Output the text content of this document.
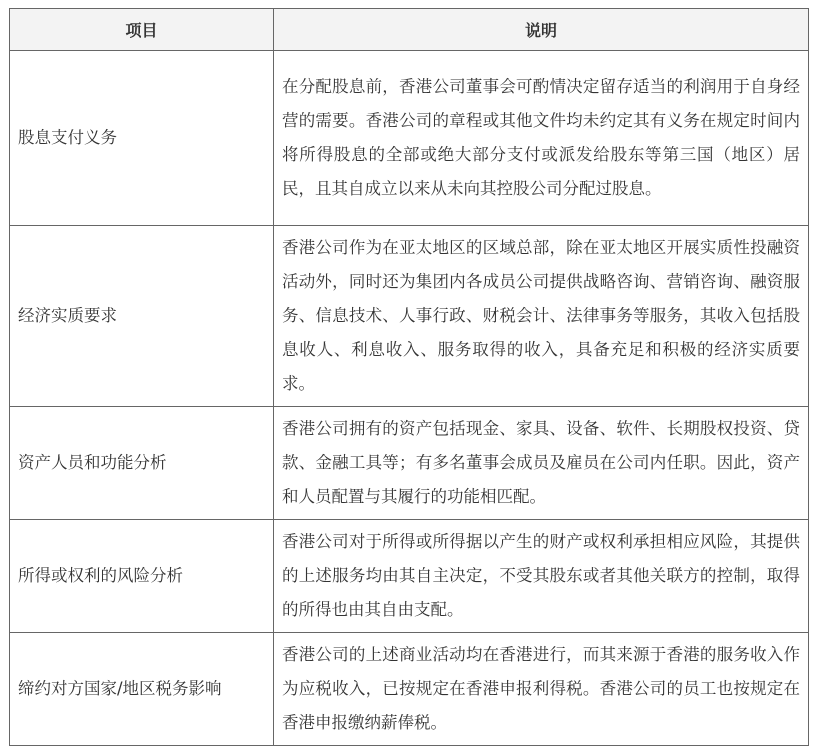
项目	说明
股息支付义务	在分配股息前，香港公司董事会可酌情决定留存适当的利润用于自身经营的需要。香港公司的章程或其他文件均未约定其有义务在规定时间内将所得股息的全部或绝大部分支付或派发给股东等第三国（地区）居民，且其自成立以来从未向其控股公司分配过股息。
经济实质要求	香港公司作为在亚太地区的区域总部，除在亚太地区开展实质性投融资活动外，同时还为集团内各成员公司提供战略咨询、营销咨询、融资服务、信息技术、人事行政、财税会计、法律事务等服务，其收入包括股息收人、利息收入、服务取得的收入，具备充足和积极的经济实质要求。
资产人员和功能分析	香港公司拥有的资产包括现金、家具、设备、软件、长期股权投资、贷款、金融工具等；有多名董事会成员及雇员在公司内任职。因此，资产和人员配置与其履行的功能相匹配。
所得或权利的风险分析	香港公司对于所得或所得据以产生的财产或权利承担相应风险，其提供的上述服务均由其自主决定，不受其股东或者其他关联方的控制，取得的所得也由其自由支配。
缔约对方国家/地区税务影响	香港公司的上述商业活动均在香港进行，而其来源于香港的服务收入作为应税收入，已按规定在香港申报利得税。香港公司的员工也按规定在香港申报缴纳薪俸税。
